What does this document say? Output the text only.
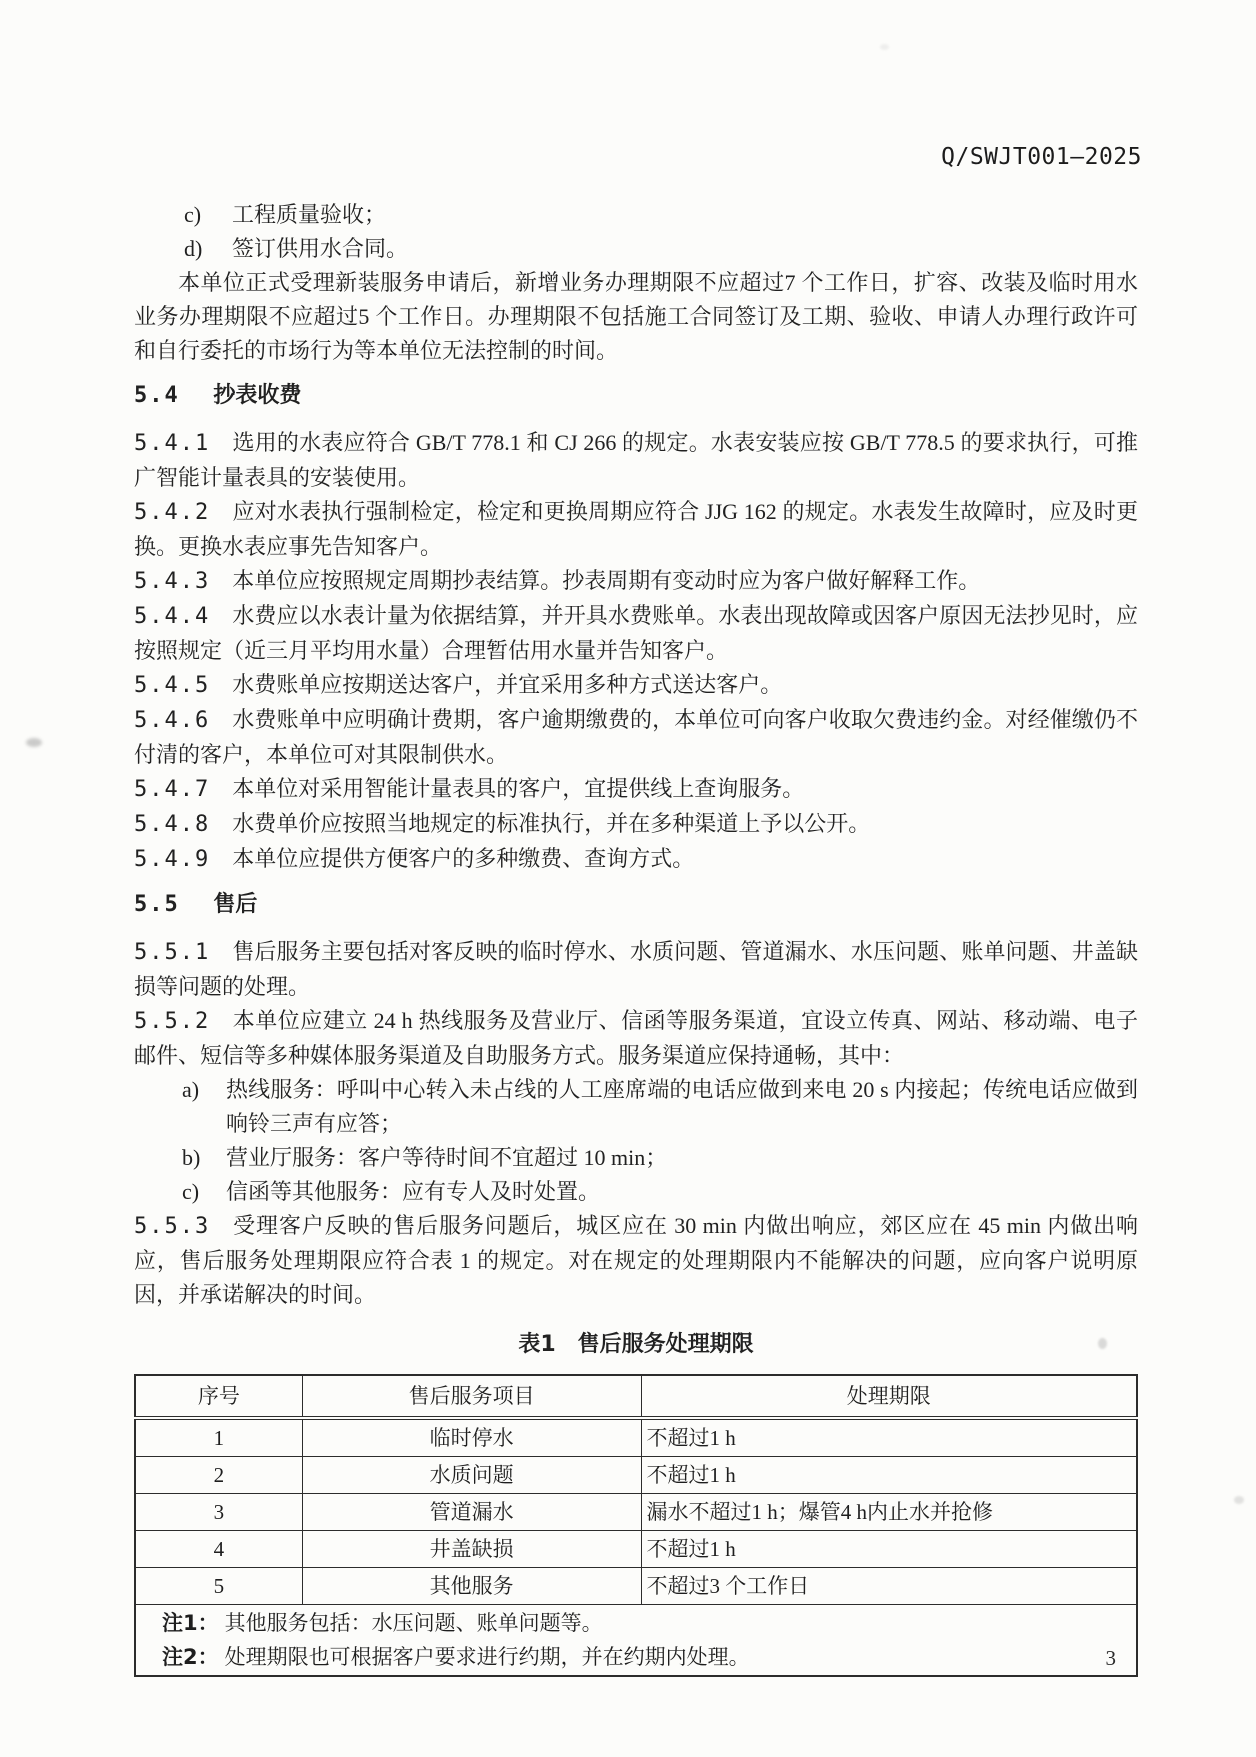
Q/SWJT001—2025
c) 工程质量验收；
d) 签订供用水合同。

本单位正式受理新装服务申请后，新增业务办理期限不应超过7 个工作日，扩容、改装及临时用水业务办理期限不应超过5 个工作日。办理期限不包括施工合同签订及工期、验收、申请人办理行政许可和自行委托的市场行为等本单位无法控制的时间。

5.4 抄表收费

5.4.1 选用的水表应符合 GB/T 778.1 和 CJ 266 的规定。水表安装应按 GB/T 778.5 的要求执行，可推广智能计量表具的安装使用。

5.4.2 应对水表执行强制检定，检定和更换周期应符合 JJG 162 的规定。水表发生故障时，应及时更换。更换水表应事先告知客户。

5.4.3 本单位应按照规定周期抄表结算。抄表周期有变动时应为客户做好解释工作。

5.4.4 水费应以水表计量为依据结算，并开具水费账单。水表出现故障或因客户原因无法抄见时，应按照规定（近三月平均用水量）合理暂估用水量并告知客户。

5.4.5 水费账单应按期送达客户，并宜采用多种方式送达客户。

5.4.6 水费账单中应明确计费期，客户逾期缴费的，本单位可向客户收取欠费违约金。对经催缴仍不付清的客户，本单位可对其限制供水。

5.4.7 本单位对采用智能计量表具的客户，宜提供线上查询服务。

5.4.8 水费单价应按照当地规定的标准执行，并在多种渠道上予以公开。

5.4.9 本单位应提供方便客户的多种缴费、查询方式。

5.5 售后

5.5.1 售后服务主要包括对客反映的临时停水、水质问题、管道漏水、水压问题、账单问题、井盖缺损等问题的处理。

5.5.2 本单位应建立 24 h 热线服务及营业厅、信函等服务渠道，宜设立传真、网站、移动端、电子邮件、短信等多种媒体服务渠道及自助服务方式。服务渠道应保持通畅，其中：

a) 热线服务：呼叫中心转入未占线的人工座席端的电话应做到来电 20 s 内接起；传统电话应做到响铃三声有应答；
b) 营业厅服务：客户等待时间不宜超过 10 min；
c) 信函等其他服务：应有专人及时处置。

5.5.3 受理客户反映的售后服务问题后，城区应在 30 min 内做出响应，郊区应在 45 min 内做出响应，售后服务处理期限应符合表 1 的规定。对在规定的处理期限内不能解决的问题，应向客户说明原因，并承诺解决的时间。

表1　售后服务处理期限
序号	售后服务项目	处理期限
1	临时停水	不超过1 h
2	水质问题	不超过1 h
3	管道漏水	漏水不超过1 h；爆管4 h内止水并抢修
4	井盖缺损	不超过1 h
5	其他服务	不超过3 个工作日

注1： 其他服务包括：水压问题、账单问题等。
注2： 处理期限也可根据客户要求进行约期，并在约期内处理。			3
